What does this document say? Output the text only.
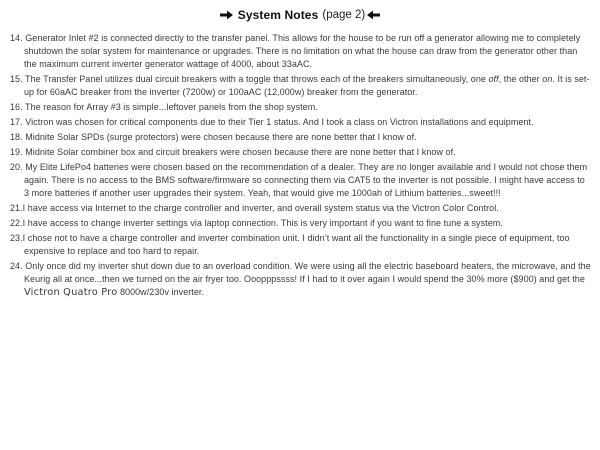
System Notes (page 2)
14. Generator Inlet #2 is connected directly to the transfer panel. This allows for the house to be run off a generator allowing me to completely shutdown the solar system for maintenance or upgrades. There is no limitation on what the house can draw from the generator other than the maximum current inverter generator wattage of 4000, about 33aAC.
15. The Transfer Panel utilizes dual circuit breakers with a toggle that throws each of the breakers simultaneously, one off, the other on. It is set-up for 60aAC breaker from the inverter (7200w) or 100aAC (12,000w) breaker from the generator.
16. The reason for Array #3 is simple...leftover panels from the shop system.
17. Victron was chosen for critical components due to their Tier 1 status. And I took a class on Victron installations and equipment.
18. Midnite Solar SPDs (surge protectors) were chosen because there are none better that I know of.
19. Midnite Solar combiner box and circuit breakers were chosen because there are none better that I know of.
20. My Elite LifePo4 batteries were chosen based on the recommendation of a dealer. They are no longer available and I would not chose them again. There is no access to the BMS software/firmware so connecting them via CAT5 to the inverter is not possible. I might have access to 3 more batteries if another user upgrades their system. Yeah, that would give me 1000ah of Lithium batteries...sweet!!!
21.I have access via Internet to the charge controller and inverter, and overall system status via the Victron Color Control.
22.I have access to change inverter settings via laptop connection. This is very important if you want to fine tune a system.
23.I chose not to have a charge controller and inverter combination unit. I didn’t want all the functionality in a single piece of equipment, too expensive to replace and too hard to repair.
24. Only once did my inverter shut down due to an overload condition. We were using all the electric baseboard heaters, the microwave, and the Keurig all at once...then we turned on the air fryer too. Ooopppssss! If I had to it over again I would spend the 30% more ($900) and get the Victron Quatro Pro 8000w/230v inverter.
